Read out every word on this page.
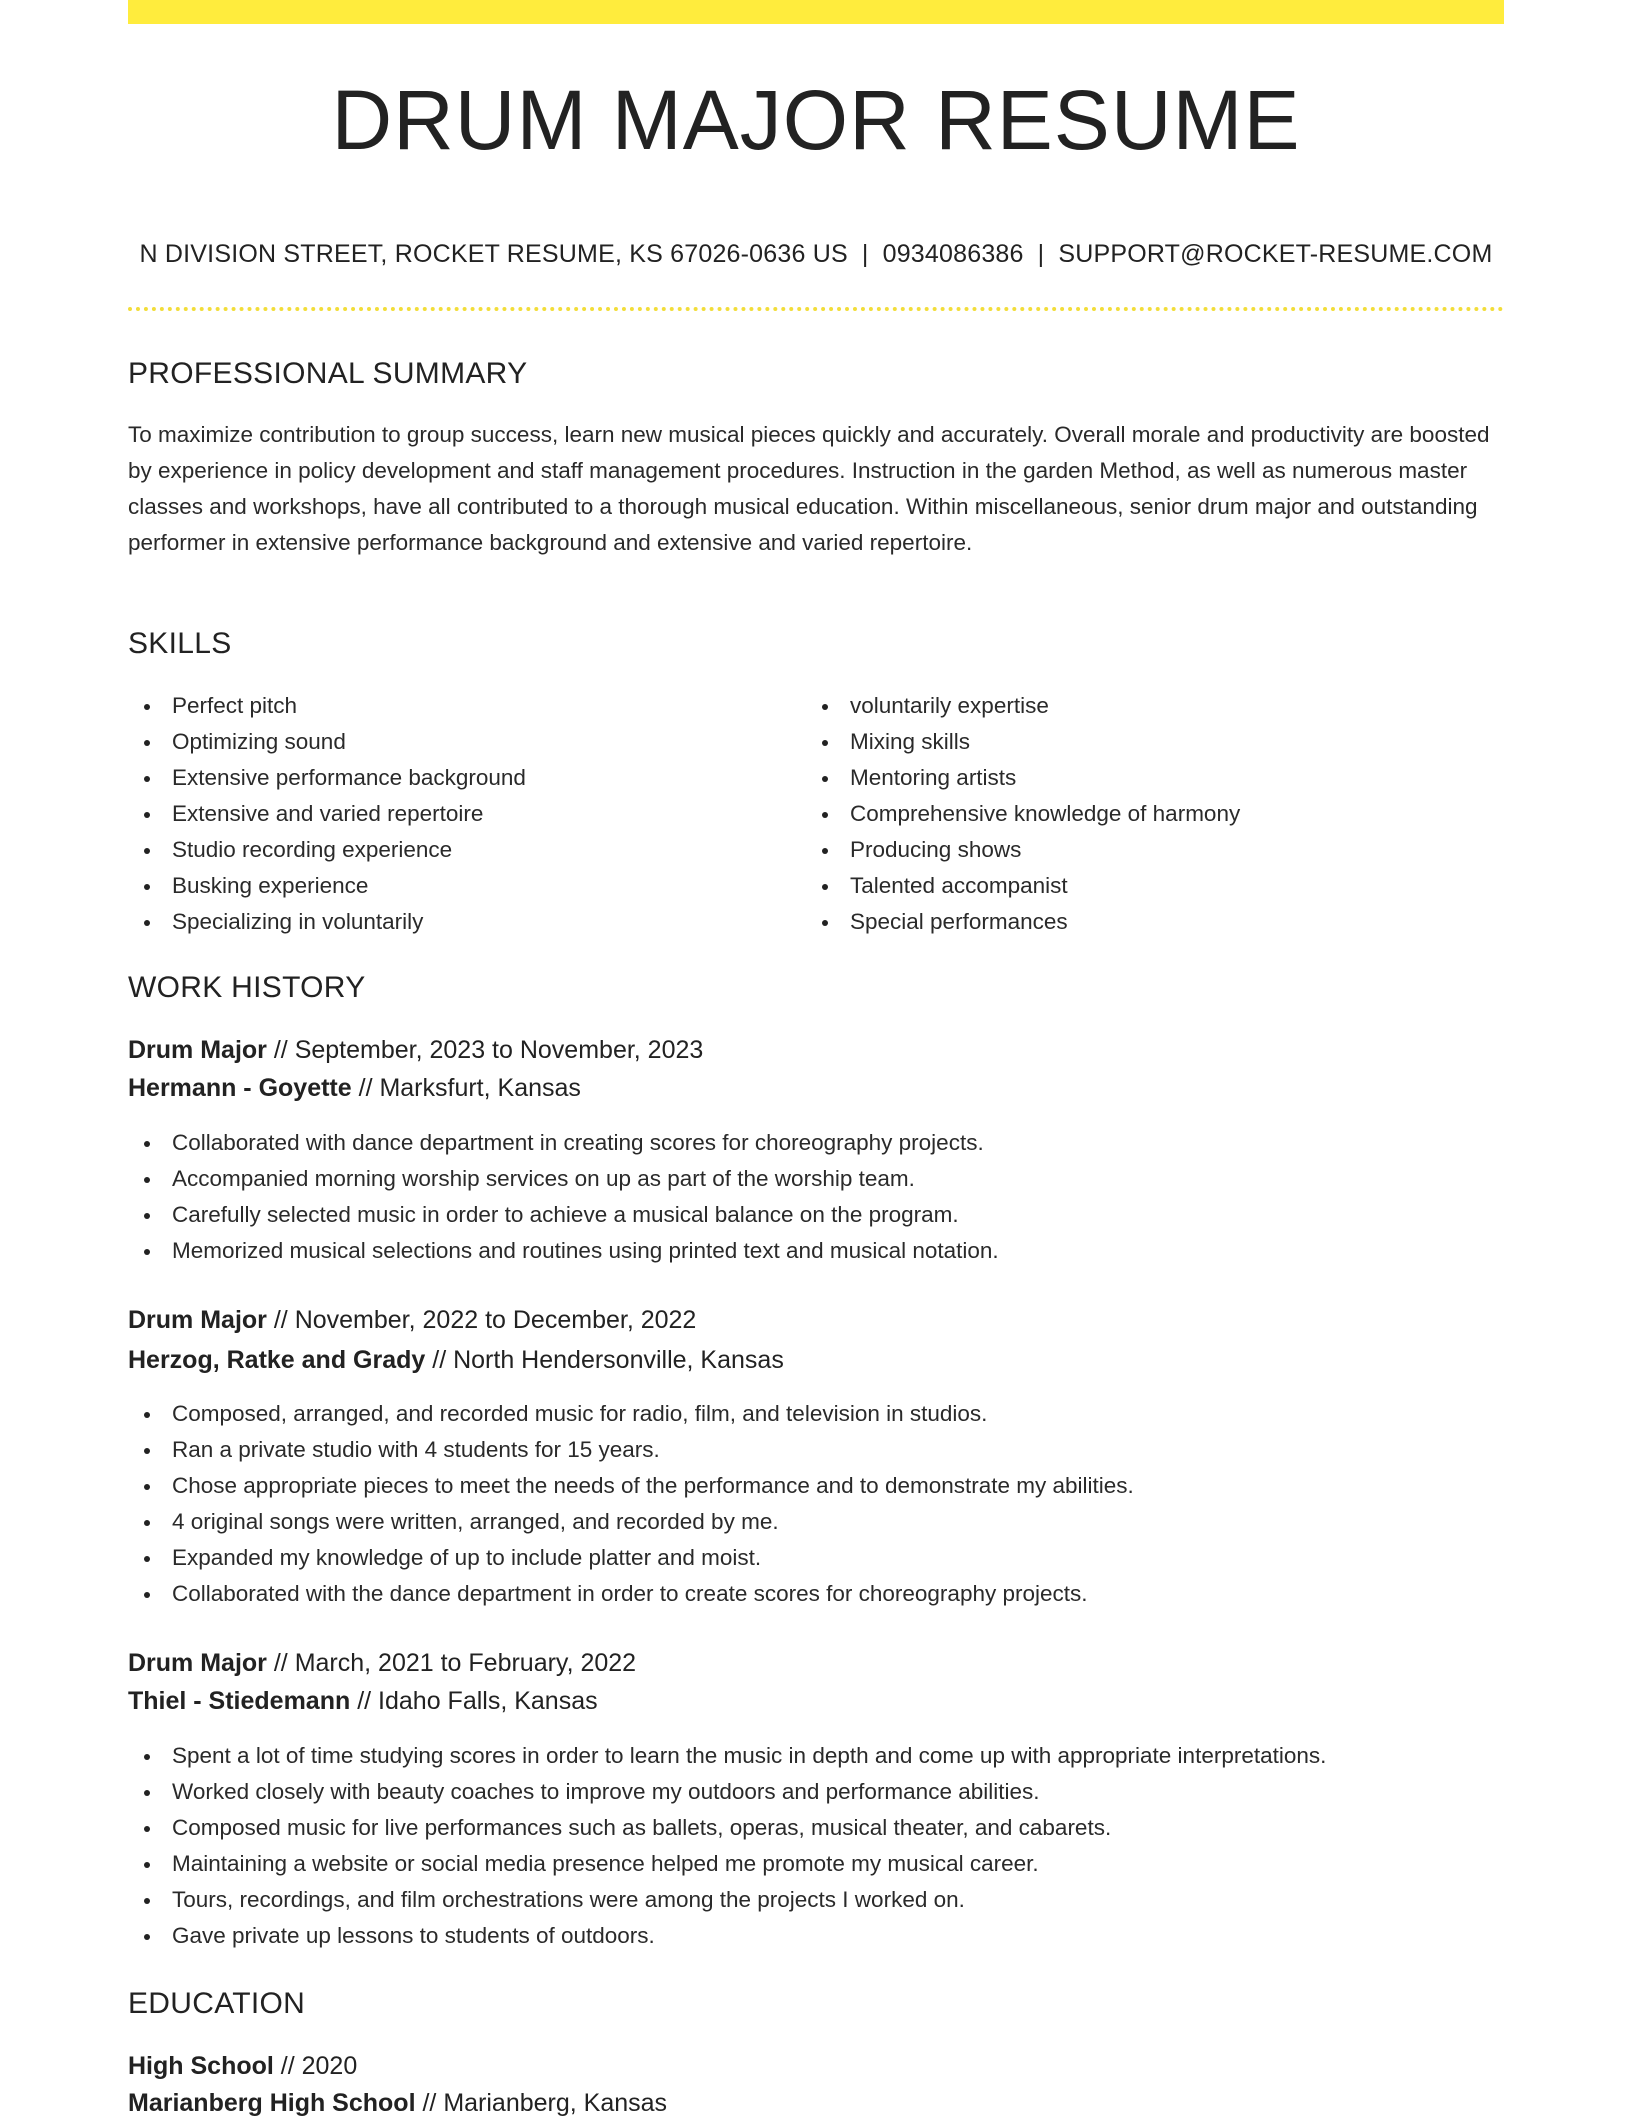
DRUM MAJOR RESUME
N DIVISION STREET, ROCKET RESUME, KS 67026-0636 US | 0934086386 | SUPPORT@ROCKET-RESUME.COM
PROFESSIONAL SUMMARY

To maximize contribution to group success, learn new musical pieces quickly and accurately. Overall morale and productivity are boosted by experience in policy development and staff management procedures. Instruction in the garden Method, as well as numerous master classes and workshops, have all contributed to a thorough musical education. Within miscellaneous, senior drum major and outstanding performer in extensive performance background and extensive and varied repertoire.

SKILLS
Perfect pitch
Optimizing sound
Extensive performance background
Extensive and varied repertoire
Studio recording experience
Busking experience
Specializing in voluntarily
voluntarily expertise
Mixing skills
Mentoring artists
Comprehensive knowledge of harmony
Producing shows
Talented accompanist
Special performances
WORK HISTORY
Drum Major // September, 2023 to November, 2023
Hermann - Goyette // Marksfurt, Kansas
Collaborated with dance department in creating scores for choreography projects.
Accompanied morning worship services on up as part of the worship team.
Carefully selected music in order to achieve a musical balance on the program.
Memorized musical selections and routines using printed text and musical notation.
Drum Major // November, 2022 to December, 2022
Herzog, Ratke and Grady // North Hendersonville, Kansas
Composed, arranged, and recorded music for radio, film, and television in studios.
Ran a private studio with 4 students for 15 years.
Chose appropriate pieces to meet the needs of the performance and to demonstrate my abilities.
4 original songs were written, arranged, and recorded by me.
Expanded my knowledge of up to include platter and moist.
Collaborated with the dance department in order to create scores for choreography projects.
Drum Major // March, 2021 to February, 2022
Thiel - Stiedemann // Idaho Falls, Kansas
Spent a lot of time studying scores in order to learn the music in depth and come up with appropriate interpretations.
Worked closely with beauty coaches to improve my outdoors and performance abilities.
Composed music for live performances such as ballets, operas, musical theater, and cabarets.
Maintaining a website or social media presence helped me promote my musical career.
Tours, recordings, and film orchestrations were among the projects I worked on.
Gave private up lessons to students of outdoors.
EDUCATION
High School // 2020
Marianberg High School // Marianberg, Kansas
